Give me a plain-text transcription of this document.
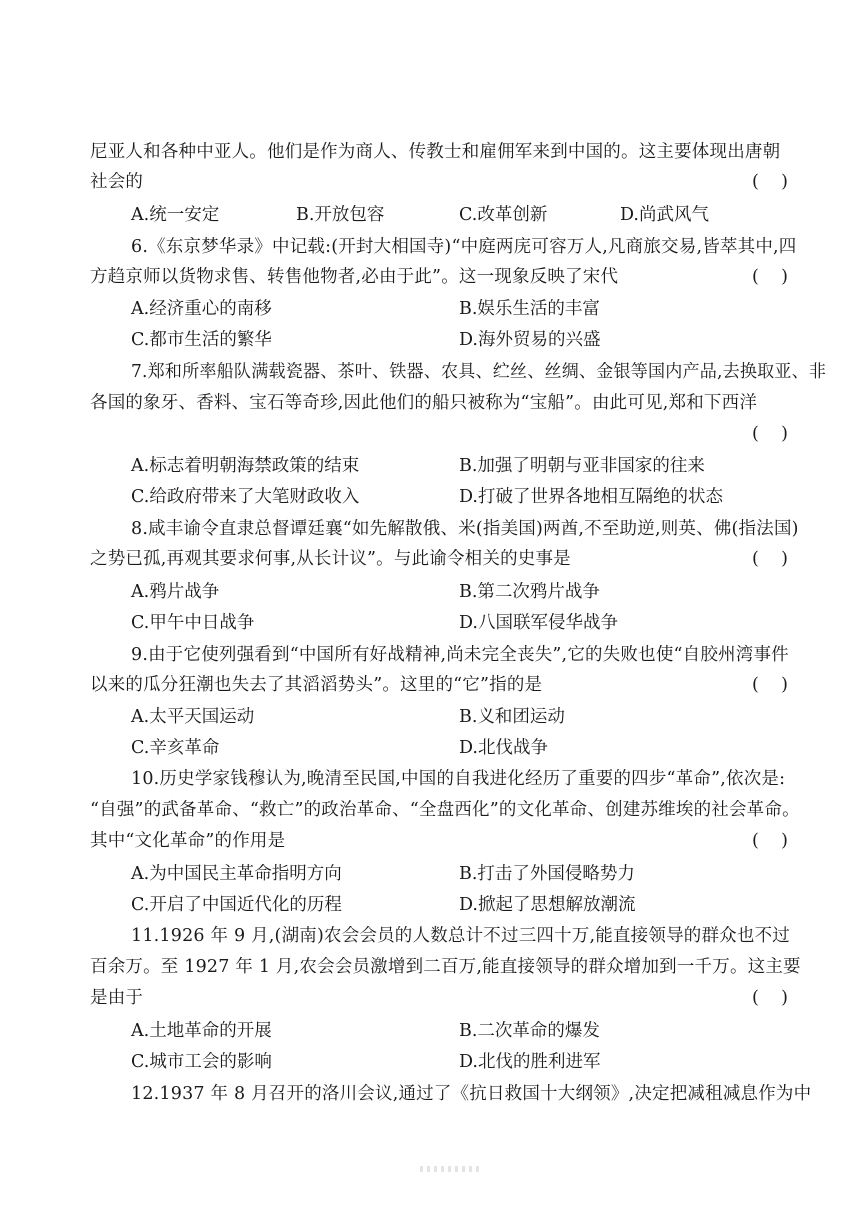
尼亚人和各种中亚人。他们是作为商人、传教士和雇佣军来到中国的。这主要体现出唐朝
社会的	(    )
A.统一安定	B.开放包容	C.改革创新	D.尚武风气
6.《东京梦华录》中记载:(开封大相国寺)“中庭两庑可容万人,凡商旅交易,皆萃其中,四
方趋京师以货物求售、转售他物者,必由于此”。这一现象反映了宋代	(    )
A.经济重心的南移	B.娱乐生活的丰富
C.都市生活的繁华	D.海外贸易的兴盛
7.郑和所率船队满载瓷器、茶叶、铁器、农具、纻丝、丝绸、金银等国内产品,去换取亚、非
各国的象牙、香料、宝石等奇珍,因此他们的船只被称为“宝船”。由此可见,郑和下西洋
(    )
A.标志着明朝海禁政策的结束	B.加强了明朝与亚非国家的往来
C.给政府带来了大笔财政收入	D.打破了世界各地相互隔绝的状态
8.咸丰谕令直隶总督谭廷襄“如先解散俄、米(指美国)两酋,不至助逆,则英、佛(指法国)
之势已孤,再观其要求何事,从长计议”。与此谕令相关的史事是	(    )
A.鸦片战争	B.第二次鸦片战争
C.甲午中日战争	D.八国联军侵华战争
9.由于它使列强看到“中国所有好战精神,尚未完全丧失”,它的失败也使“自胶州湾事件
以来的瓜分狂潮也失去了其滔滔势头”。这里的“它”指的是	(    )
A.太平天国运动	B.义和团运动
C.辛亥革命	D.北伐战争
10.历史学家钱穆认为,晚清至民国,中国的自我进化经历了重要的四步“革命”,依次是:
“自强”的武备革命、“救亡”的政治革命、“全盘西化”的文化革命、创建苏维埃的社会革命。
其中“文化革命”的作用是	(    )
A.为中国民主革命指明方向	B.打击了外国侵略势力
C.开启了中国近代化的历程	D.掀起了思想解放潮流
11.1926 年 9 月,(湖南)农会会员的人数总计不过三四十万,能直接领导的群众也不过
百余万。至 1927 年 1 月,农会会员激增到二百万,能直接领导的群众增加到一千万。这主要
是由于	(    )
A.土地革命的开展	B.二次革命的爆发
C.城市工会的影响	D.北伐的胜利进军
12.1937 年 8 月召开的洛川会议,通过了《抗日救国十大纲领》,决定把减租减息作为中
